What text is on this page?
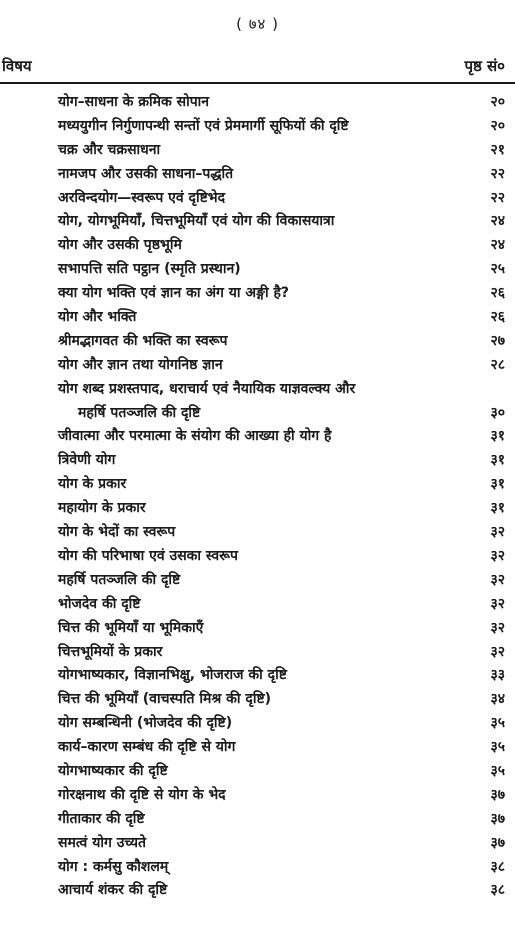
( ७४ )
विषय	पृष्ठ सं०
योग–साधना के क्रमिक सोपान	२०
मध्ययुगीन निर्गुणापन्थी सन्तों एवं प्रेममार्गी सूफियों की दृष्टि	२०
चक्र और चक्रसाधना	२१
नामजप और उसकी साधना–पद्धति	२२
अरविन्दयोग—स्वरूप एवं दृष्टिभेद	२२
योग, योगभूमियाँ, चित्तभूमियाँ एवं योग की विकासयात्रा	२४
योग और उसकी पृष्ठभूमि	२४
सभापत्ति सति पट्ठान (स्मृति प्रस्थान)	२५
क्या योग भक्ति एवं ज्ञान का अंग या अङ्गी है?	२६
योग और भक्ति	२६
श्रीमद्भागवत की भक्ति का स्वरूप	२७
योग और ज्ञान तथा योगनिष्ठ ज्ञान	२८
योग शब्द प्रशस्तपाद, धराचार्य एवं नैयायिक याज्ञवल्क्य और
महर्षि पतञ्जलि की दृष्टि	३०
जीवात्मा और परमात्मा के संयोग की आख्या ही योग है	३१
त्रिवेणी योग	३१
योग के प्रकार	३१
महायोग के प्रकार	३१
योग के भेदों का स्वरूप	३२
योग की परिभाषा एवं उसका स्वरूप	३२
महर्षि पतञ्जलि की दृष्टि	३२
भोजदेव की दृष्टि	३२
चित्त की भूमियाँ या भूमिकाएँ	३२
चित्तभूमियों के प्रकार	३२
योगभाष्यकार, विज्ञानभिक्षु, भोजराज की दृष्टि	३३
चित्त की भूमियाँ (वाचस्पति मिश्र की दृष्टि)	३४
योग सम्बन्धिनी (भोजदेव की दृष्टि)	३५
कार्य–कारण सम्बंध की दृष्टि से योग	३५
योगभाष्यकार की दृष्टि	३५
गोरक्षनाथ की दृष्टि से योग के भेद	३७
गीताकार की दृष्टि	३७
समत्वं योग उच्यते	३७
योग : कर्मसु कौशलम्	३८
आचार्य शंकर की दृष्टि	३८
